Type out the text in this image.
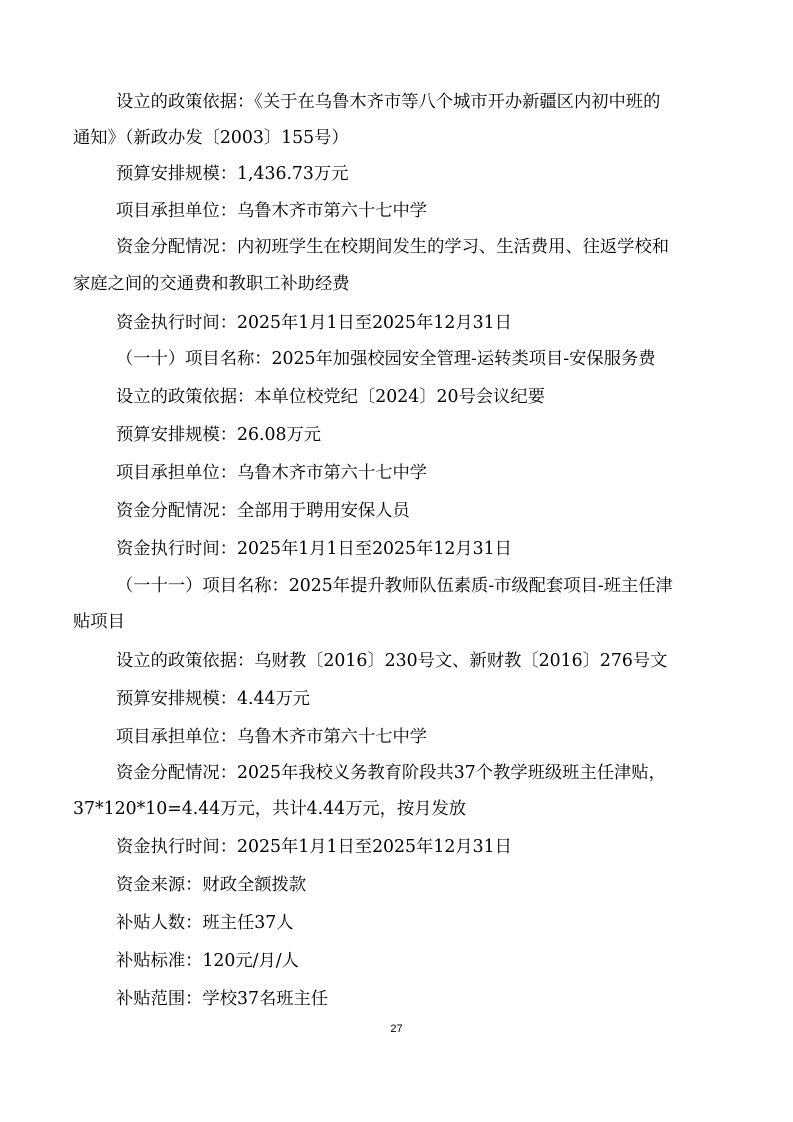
设立的政策依据：《关于在乌鲁木齐市等八个城市开办新疆区内初中班的
通知》（新政办发〔2003〕155号）
预算安排规模：1,436.73万元
项目承担单位：乌鲁木齐市第六十七中学
资金分配情况：内初班学生在校期间发生的学习、生活费用、往返学校和
家庭之间的交通费和教职工补助经费
资金执行时间：2025年1月1日至2025年12月31日
（一十）项目名称：2025年加强校园安全管理-运转类项目-安保服务费
设立的政策依据：本单位校党纪〔2024〕20号会议纪要
预算安排规模：26.08万元
项目承担单位：乌鲁木齐市第六十七中学
资金分配情况：全部用于聘用安保人员
资金执行时间：2025年1月1日至2025年12月31日
（一十一）项目名称：2025年提升教师队伍素质-市级配套项目-班主任津
贴项目
设立的政策依据：乌财教〔2016〕230号文、新财教〔2016〕276号文
预算安排规模：4.44万元
项目承担单位：乌鲁木齐市第六十七中学
资金分配情况：2025年我校义务教育阶段共37个教学班级班主任津贴，
37*120*10=4.44万元，共计4.44万元，按月发放
资金执行时间：2025年1月1日至2025年12月31日
资金来源：财政全额拨款
补贴人数：班主任37人
补贴标准：120元/月/人
补贴范围：学校37名班主任
27
